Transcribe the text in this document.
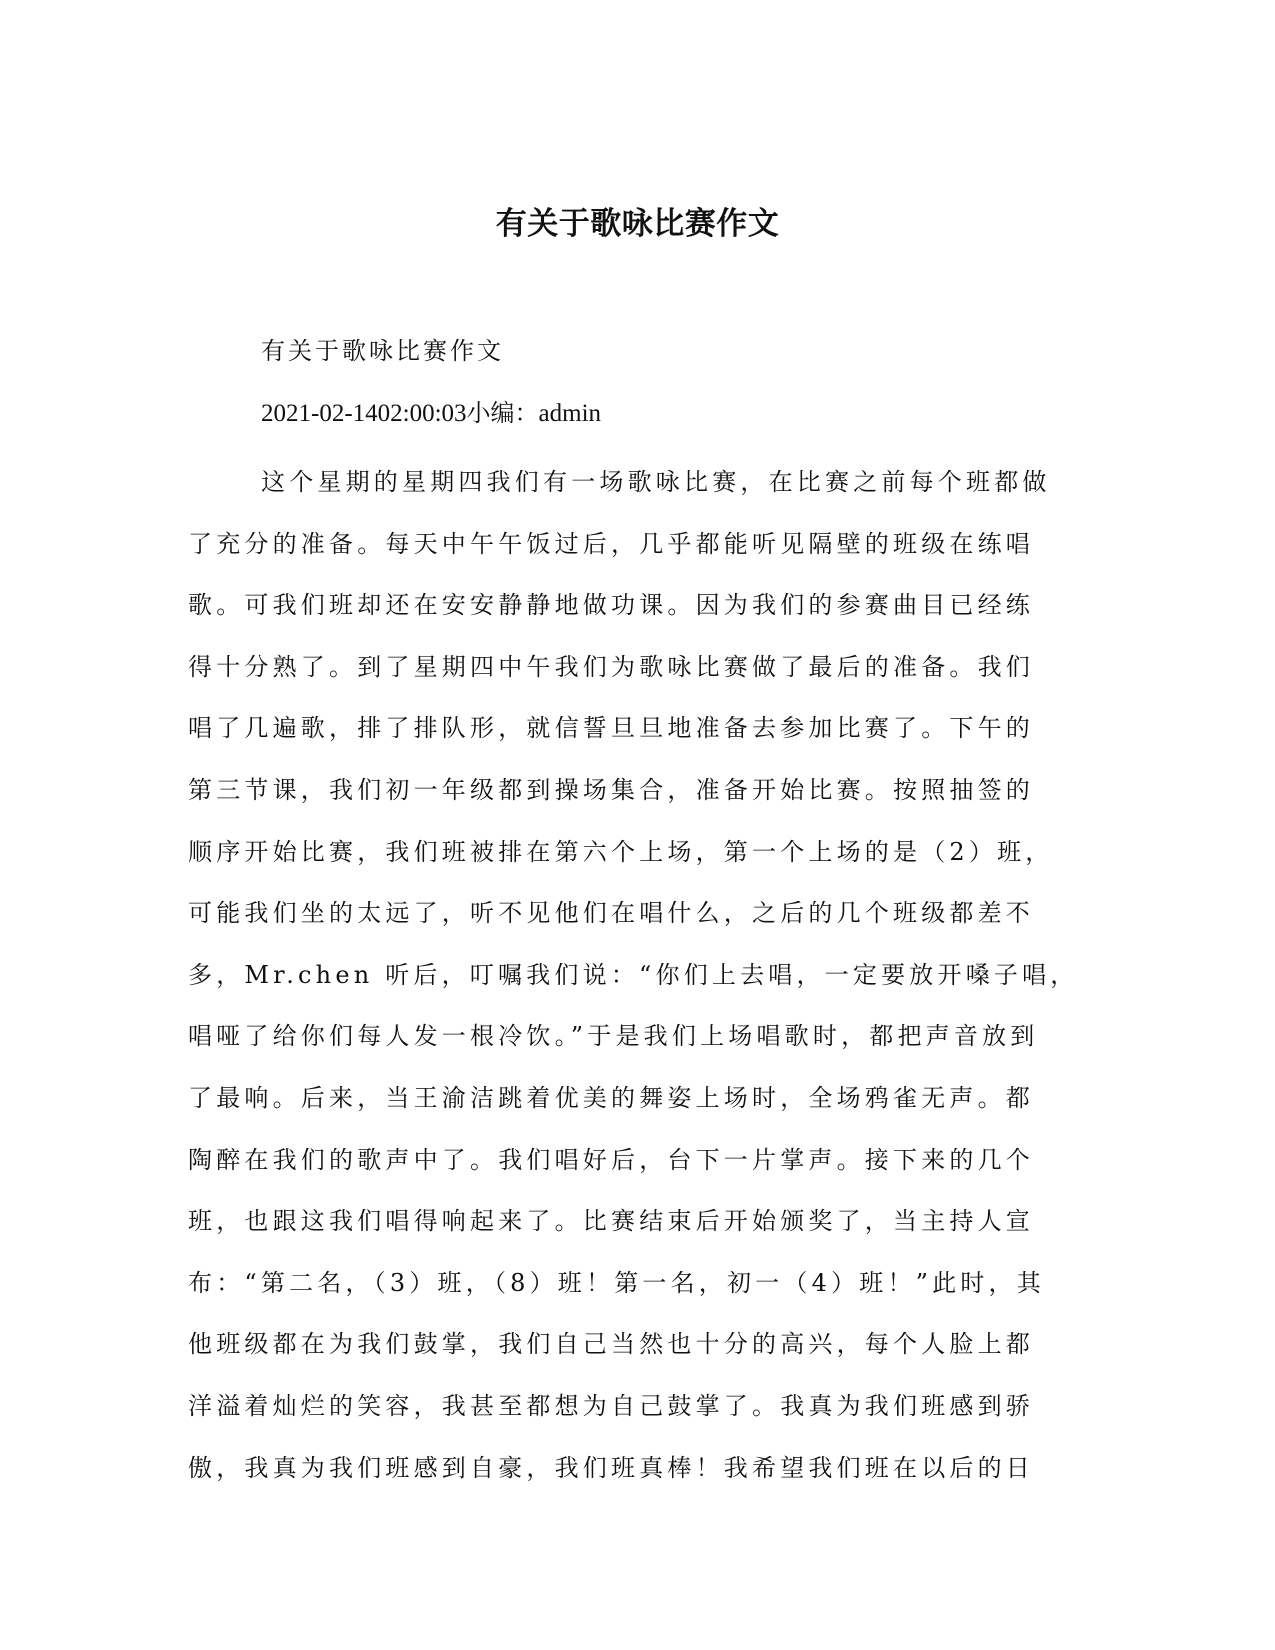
有关于歌咏比赛作文
有关于歌咏比赛作文
2021-02-1402:00:03小编：admin
这个星期的星期四我们有一场歌咏比赛，在比赛之前每个班都做
了充分的准备。每天中午午饭过后，几乎都能听见隔壁的班级在练唱
歌。可我们班却还在安安静静地做功课。因为我们的参赛曲目已经练
得十分熟了。到了星期四中午我们为歌咏比赛做了最后的准备。我们
唱了几遍歌，排了排队形，就信誓旦旦地准备去参加比赛了。下午的
第三节课，我们初一年级都到操场集合，准备开始比赛。按照抽签的
顺序开始比赛，我们班被排在第六个上场，第一个上场的是（2）班，
可能我们坐的太远了，听不见他们在唱什么，之后的几个班级都差不
多，Mr.chen 听后，叮嘱我们说：“你们上去唱，一定要放开嗓子唱，
唱哑了给你们每人发一根冷饮。”于是我们上场唱歌时，都把声音放到
了最响。后来，当王渝洁跳着优美的舞姿上场时，全场鸦雀无声。都
陶醉在我们的歌声中了。我们唱好后，台下一片掌声。接下来的几个
班，也跟这我们唱得响起来了。比赛结束后开始颁奖了，当主持人宣
布：“第二名，（3）班，（8）班！第一名，初一（4）班！”此时，其
他班级都在为我们鼓掌，我们自己当然也十分的高兴，每个人脸上都
洋溢着灿烂的笑容，我甚至都想为自己鼓掌了。我真为我们班感到骄
傲，我真为我们班感到自豪，我们班真棒！我希望我们班在以后的日
